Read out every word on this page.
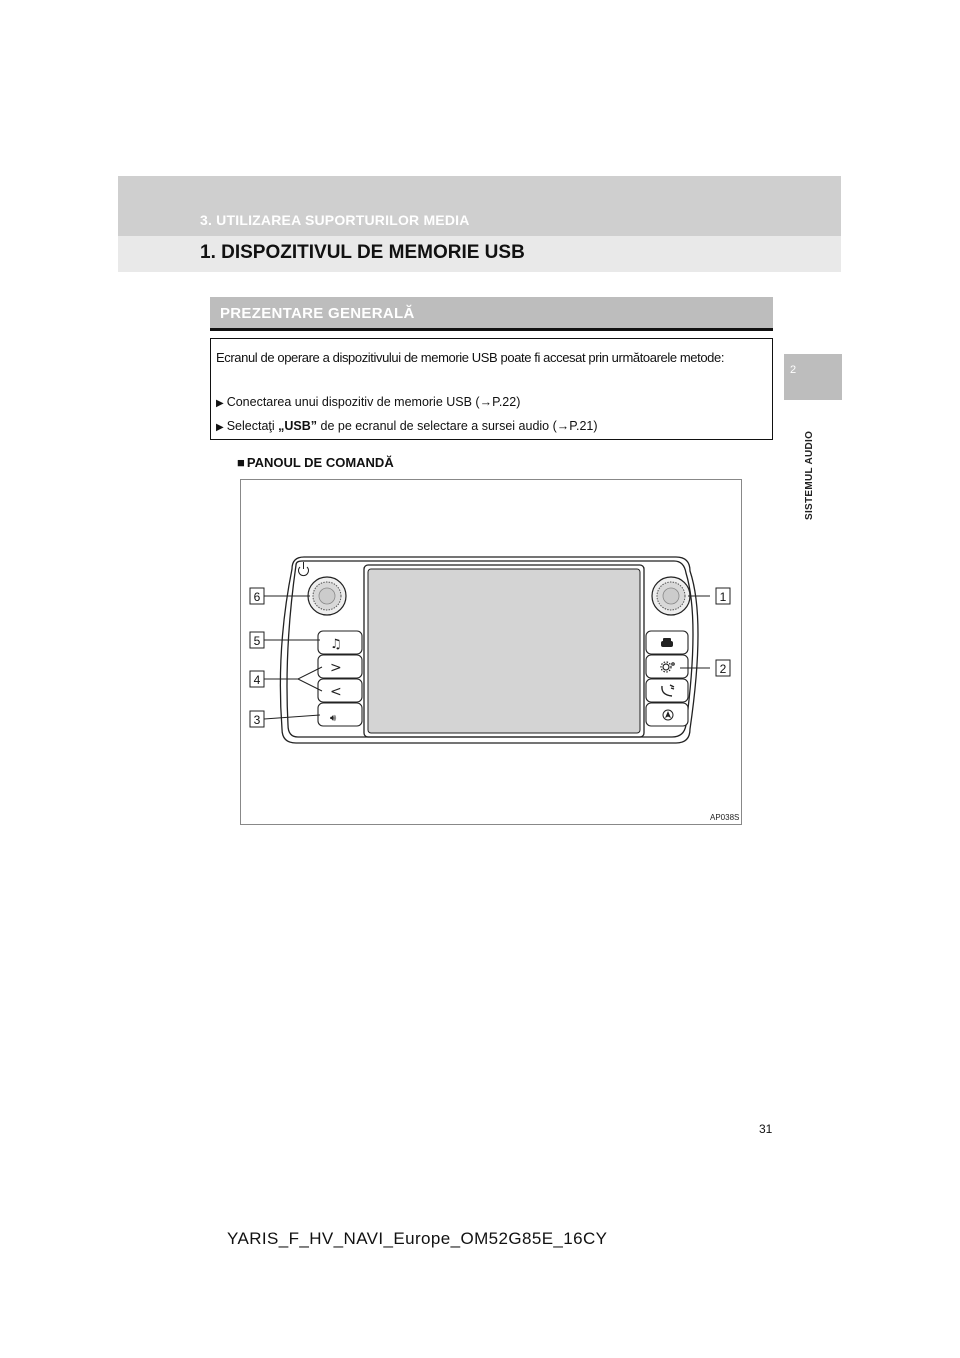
3. UTILIZAREA SUPORTURILOR MEDIA
1. DISPOZITIVUL DE MEMORIE USB
2
SISTEMUL AUDIO
PREZENTARE GENERALĂ
Ecranul de operare a dispozitivului de memorie USB poate fi accesat prin următoarele metode:
▶ Conectarea unui dispozitiv de memorie USB (→P.22)
▶ Selectaţi „USB” de pe ecranul de selectare a sursei audio (→P.21)
■ PANOUL DE COMANDĂ
♫
>
<
🔊︎
1
2
3
4
5
6
AP038S
31
YARIS_F_HV_NAVI_Europe_OM52G85E_16CY
